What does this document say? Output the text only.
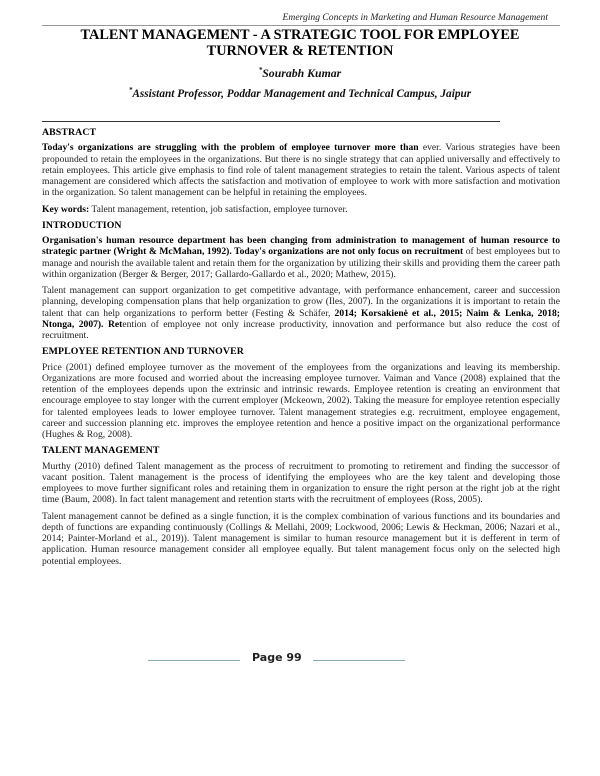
Emerging Concepts in Marketing and Human Resource Management
TALENT MANAGEMENT - A STRATEGIC TOOL FOR EMPLOYEE TURNOVER & RETENTION
*Sourabh Kumar
*Assistant Professor, Poddar Management and Technical Campus, Jaipur
ABSTRACT

Today's organizations are struggling with the problem of employee turnover more than ever. Various strategies have been propounded to retain the employees in the organizations. But there is no single strategy that can applied universally and effectively to retain employees. This article give emphasis to find role of talent management strategies to retain the talent. Various aspects of talent management are considered which affects the satisfaction and motivation of employee to work with more satisfaction and motivation in the organization. So talent management can be helpful in retaining the employees.

Key words: Talent management, retention, job satisfaction, employee turnover.

INTRODUCTION

Organisation's human resource department has been changing from administration to management of human resource to strategic partner (Wright & McMahan, 1992). Today's organizations are not only focus on recruitment of best employees but to manage and nourish the available talent and retain them for the organization by utilizing their skills and providing them the career path within organization (Berger & Berger, 2017; Gallardo-Gallardo et al., 2020; Mathew, 2015).

Talent management can support organization to get competitive advantage, with performance enhancement, career and succession planning, developing compensation plans that help organization to grow (Iles, 2007). In the organizations it is important to retain the talent that can help organizations to perform better (Festing & Schäfer, 2014; Korsakienė et al., 2015; Naim & Lenka, 2018; Ntonga, 2007). Retention of employee not only increase productivity, innovation and performance but also reduce the cost of recruitment.

EMPLOYEE RETENTION AND TURNOVER

Price (2001) defined employee turnover as the movement of the employees from the organizations and leaving its membership. Organizations are more focused and worried about the increasing employee turnover. Vaiman and Vance (2008) explained that the retention of the employees depends upon the extrinsic and intrinsic rewards. Employee retention is creating an environment that encourage employee to stay longer with the current employer (Mckeown, 2002). Taking the measure for employee retention especially for talented employees leads to lower employee turnover. Talent management strategies e.g. recruitment, employee engagement, career and succession planning etc. improves the employee retention and hence a positive impact on the organizational performance (Hughes & Rog, 2008).

TALENT MANAGEMENT

Murthy (2010) defined Talent management as the process of recruitment to promoting to retirement and finding the successor of vacant position. Talent management is the process of identifying the employees who are the key talent and developing those employees to move further significant roles and retaining them in organization to ensure the right person at the right job at the right time (Baum, 2008). In fact talent management and retention starts with the recruitment of employees (Ross, 2005).

Talent management cannot be defined as a single function, it is the complex combination of various functions and its boundaries and depth of functions are expanding continuously (Collings & Mellahi, 2009; Lockwood, 2006; Lewis & Heckman, 2006; Nazari et al., 2014; Painter-Morland et al., 2019)). Talent management is similar to human resource management but it is defferent in term of application. Human resource management consider all employee equally. But talent management focus only on the selected high potential employees.

Page 99
